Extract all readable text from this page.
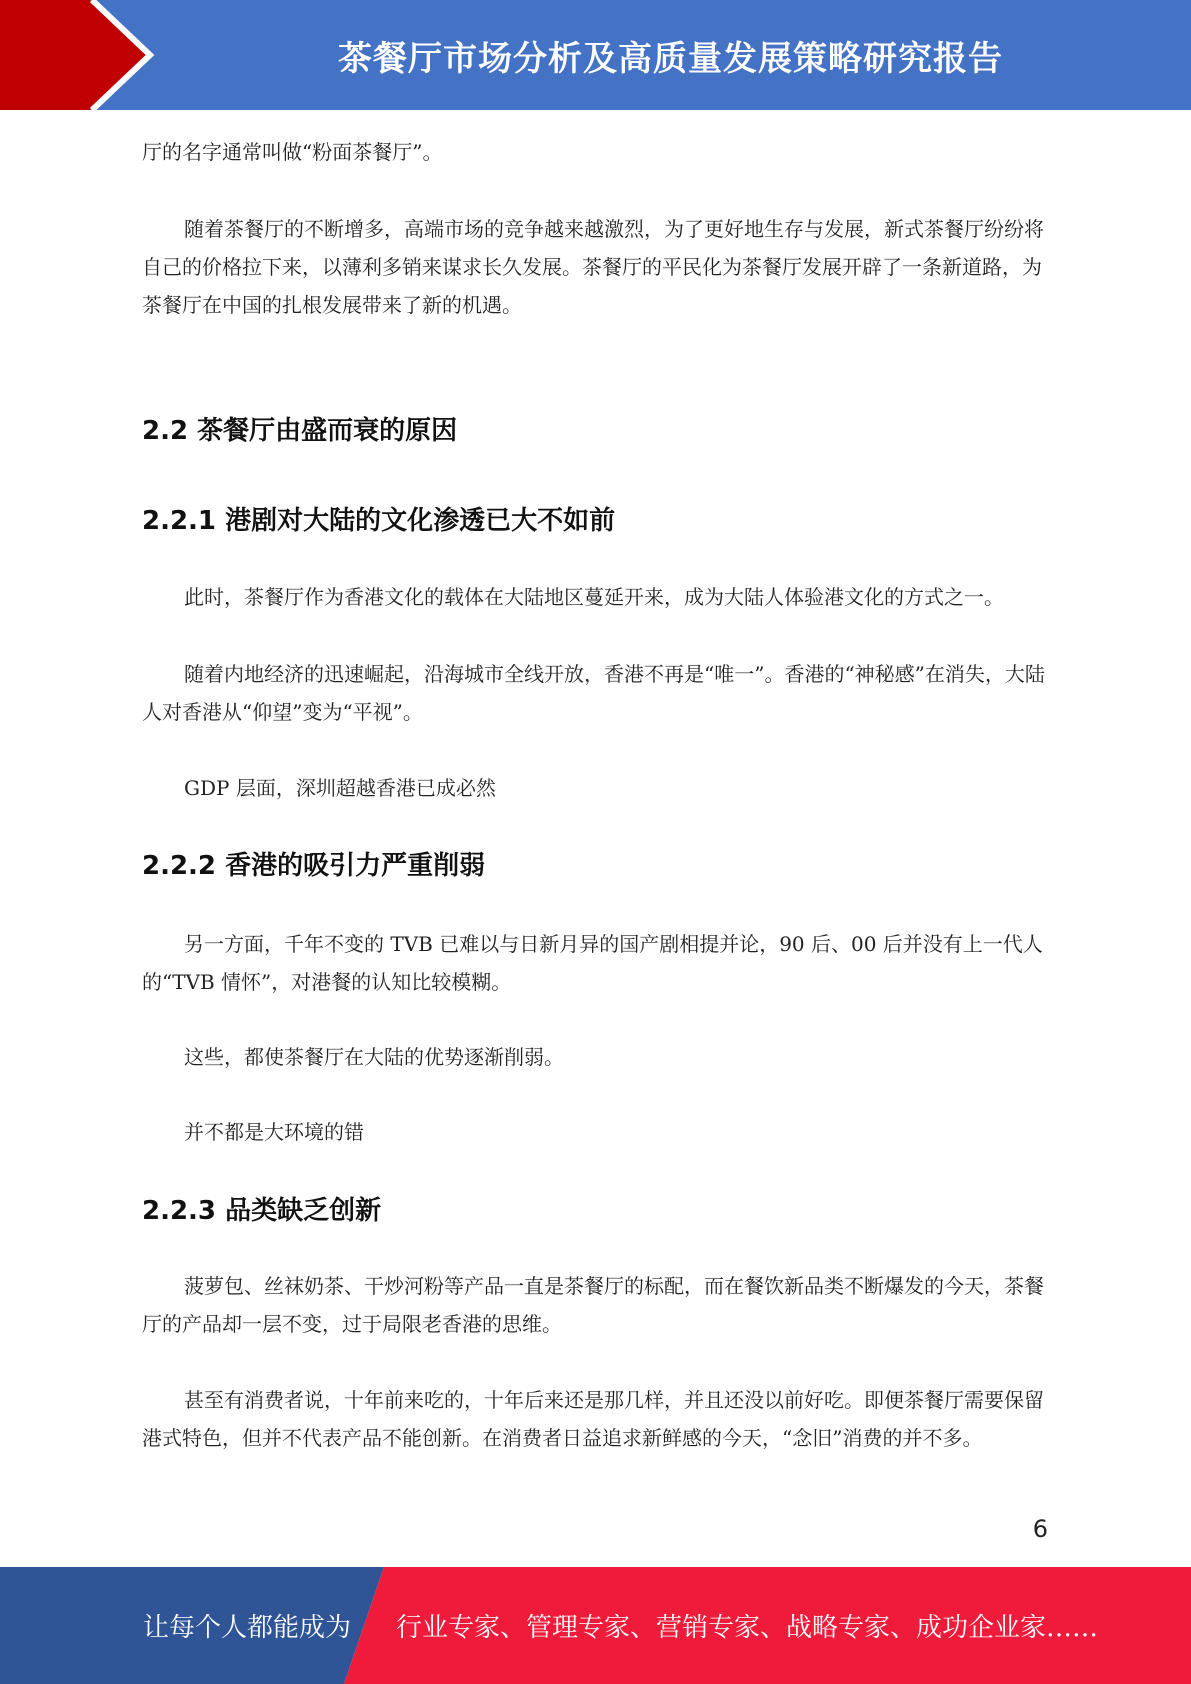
茶餐厅市场分析及高质量发展策略研究报告

厅的名字通常叫做“粉面茶餐厅”。

随着茶餐厅的不断增多，高端市场的竞争越来越激烈，为了更好地生存与发展，新式茶餐厅纷纷将自己的价格拉下来，以薄利多销来谋求长久发展。茶餐厅的平民化为茶餐厅发展开辟了一条新道路，为茶餐厅在中国的扎根发展带来了新的机遇。

2.2 茶餐厅由盛而衰的原因
2.2.1 港剧对大陆的文化渗透已大不如前

此时，茶餐厅作为香港文化的载体在大陆地区蔓延开来，成为大陆人体验港文化的方式之一。

随着内地经济的迅速崛起，沿海城市全线开放，香港不再是“唯一”。香港的“神秘感”在消失，大陆人对香港从“仰望”变为“平视”。

GDP 层面，深圳超越香港已成必然

2.2.2 香港的吸引力严重削弱

另一方面，千年不变的 TVB 已难以与日新月异的国产剧相提并论，90 后、00 后并没有上一代人的“TVB 情怀”，对港餐的认知比较模糊。

这些，都使茶餐厅在大陆的优势逐渐削弱。

并不都是大环境的错

2.2.3 品类缺乏创新

菠萝包、丝袜奶茶、干炒河粉等产品一直是茶餐厅的标配，而在餐饮新品类不断爆发的今天，茶餐厅的产品却一层不变，过于局限老香港的思维。

甚至有消费者说，十年前来吃的，十年后来还是那几样，并且还没以前好吃。即便茶餐厅需要保留港式特色，但并不代表产品不能创新。在消费者日益追求新鲜感的今天，“念旧”消费的并不多。

6
让每个人都能成为 行业专家、管理专家、营销专家、战略专家、成功企业家……
